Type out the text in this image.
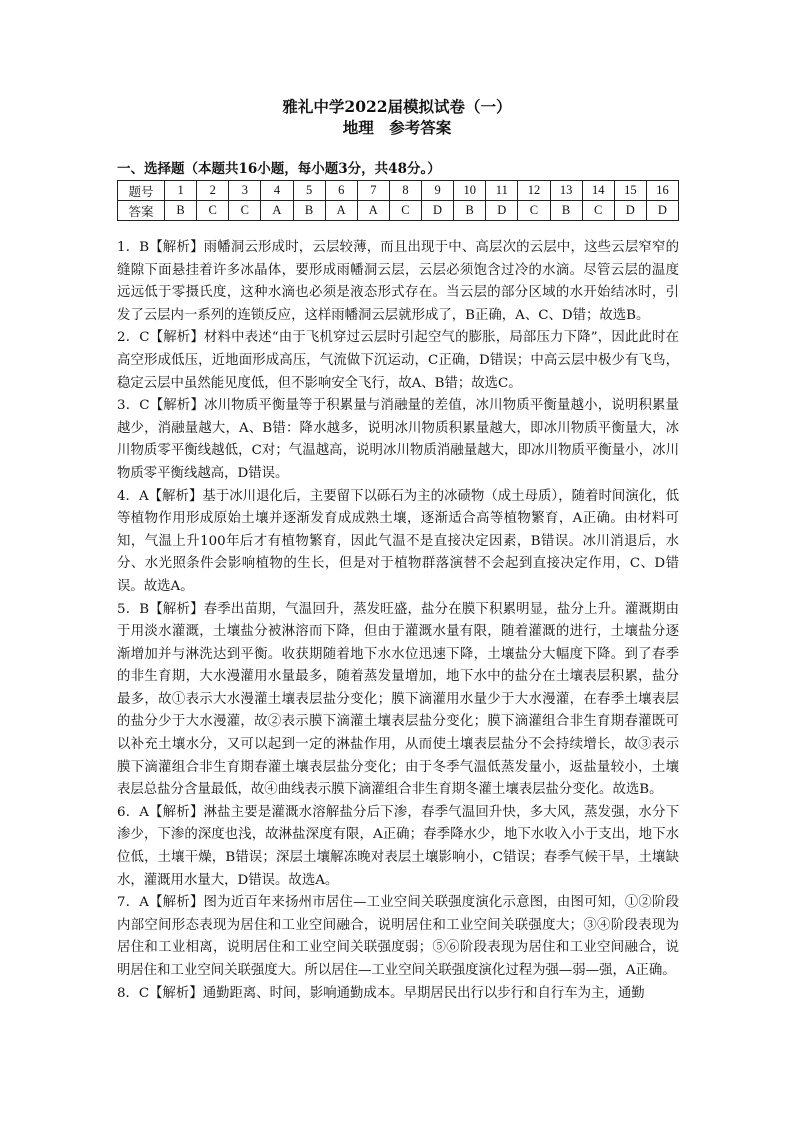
雅礼中学2022届模拟试卷（一）
地理　参考答案
一、选择题（本题共16小题，每小题3分，共48分。）
题号	1	2	3	4	5	6	7	8	9	10	11	12	13	14	15	16
答案	B	C	C	A	B	A	A	C	D	B	D	C	B	C	D	D

1．B【解析】雨幡洞云形成时，云层较薄，而且出现于中、高层次的云层中，这些云层窄窄的缝隙下面悬挂着许多冰晶体，要形成雨幡洞云层，云层必须饱含过冷的水滴。尽管云层的温度远远低于零摄氏度，这种水滴也必须是液态形式存在。当云层的部分区域的水开始结冰时，引发了云层内一系列的连锁反应，这样雨幡洞云层就形成了，B正确，A、C、D错；故选B。

2．C【解析】材料中表述“由于飞机穿过云层时引起空气的膨胀，局部压力下降”，因此此时在高空形成低压，近地面形成高压，气流做下沉运动，C正确，D错误；中高云层中极少有飞鸟，稳定云层中虽然能见度低，但不影响安全飞行，故A、B错；故选C。

3．C【解析】冰川物质平衡量等于积累量与消融量的差值，冰川物质平衡量越小，说明积累量越少，消融量越大，A、B错：降水越多，说明冰川物质积累量越大，即冰川物质平衡量大，冰川物质零平衡线越低，C对；气温越高，说明冰川物质消融量越大，即冰川物质平衡量小，冰川物质零平衡线越高，D错误。

4．A【解析】基于冰川退化后，主要留下以砾石为主的冰碛物（成土母质），随着时间演化，低等植物作用形成原始土壤并逐渐发育成成熟土壤，逐渐适合高等植物繁育，A正确。由材料可知，气温上升100年后才有植物繁育，因此气温不是直接决定因素，B错误。冰川消退后，水分、水光照条件会影响植物的生长，但是对于植物群落演替不会起到直接决定作用，C、D错误。故选A。

5．B【解析】春季出苗期，气温回升，蒸发旺盛，盐分在膜下积累明显，盐分上升。灌溉期由于用淡水灌溉，土壤盐分被淋溶而下降，但由于灌溉水量有限，随着灌溉的进行，土壤盐分逐渐增加并与淋洗达到平衡。收获期随着地下水水位迅速下降，土壤盐分大幅度下降。到了春季的非生育期，大水漫灌用水量最多，随着蒸发量增加，地下水中的盐分在土壤表层积累，盐分最多，故①表示大水漫灌土壤表层盐分变化；膜下滴灌用水量少于大水漫灌，在春季土壤表层的盐分少于大水漫灌，故②表示膜下滴灌土壤表层盐分变化；膜下滴灌组合非生育期春灌既可以补充土壤水分，又可以起到一定的淋盐作用，从而使土壤表层盐分不会持续增长，故③表示膜下滴灌组合非生育期春灌土壤表层盐分变化；由于冬季气温低蒸发量小，返盐量较小，土壤表层总盐分含量最低，故④曲线表示膜下滴灌组合非生育期冬灌土壤表层盐分变化。故选B。

6．A【解析】淋盐主要是灌溉水溶解盐分后下渗，春季气温回升快，多大风，蒸发强，水分下渗少，下渗的深度也浅，故淋盐深度有限，A正确；春季降水少，地下水收入小于支出，地下水位低，土壤干燥，B错误；深层土壤解冻晚对表层土壤影响小，C错误；春季气候干旱，土壤缺水，灌溉用水量大，D错误。故选A。

7．A【解析】图为近百年来扬州市居住—工业空间关联强度演化示意图，由图可知，①②阶段内部空间形态表现为居住和工业空间融合，说明居住和工业空间关联强度大；③④阶段表现为居住和工业相离，说明居住和工业空间关联强度弱；⑤⑥阶段表现为居住和工业空间融合，说明居住和工业空间关联强度大。所以居住—工业空间关联强度演化过程为强—弱—强，A正确。

8．C【解析】通勤距离、时间，影响通勤成本。早期居民出行以步行和自行车为主，通勤
